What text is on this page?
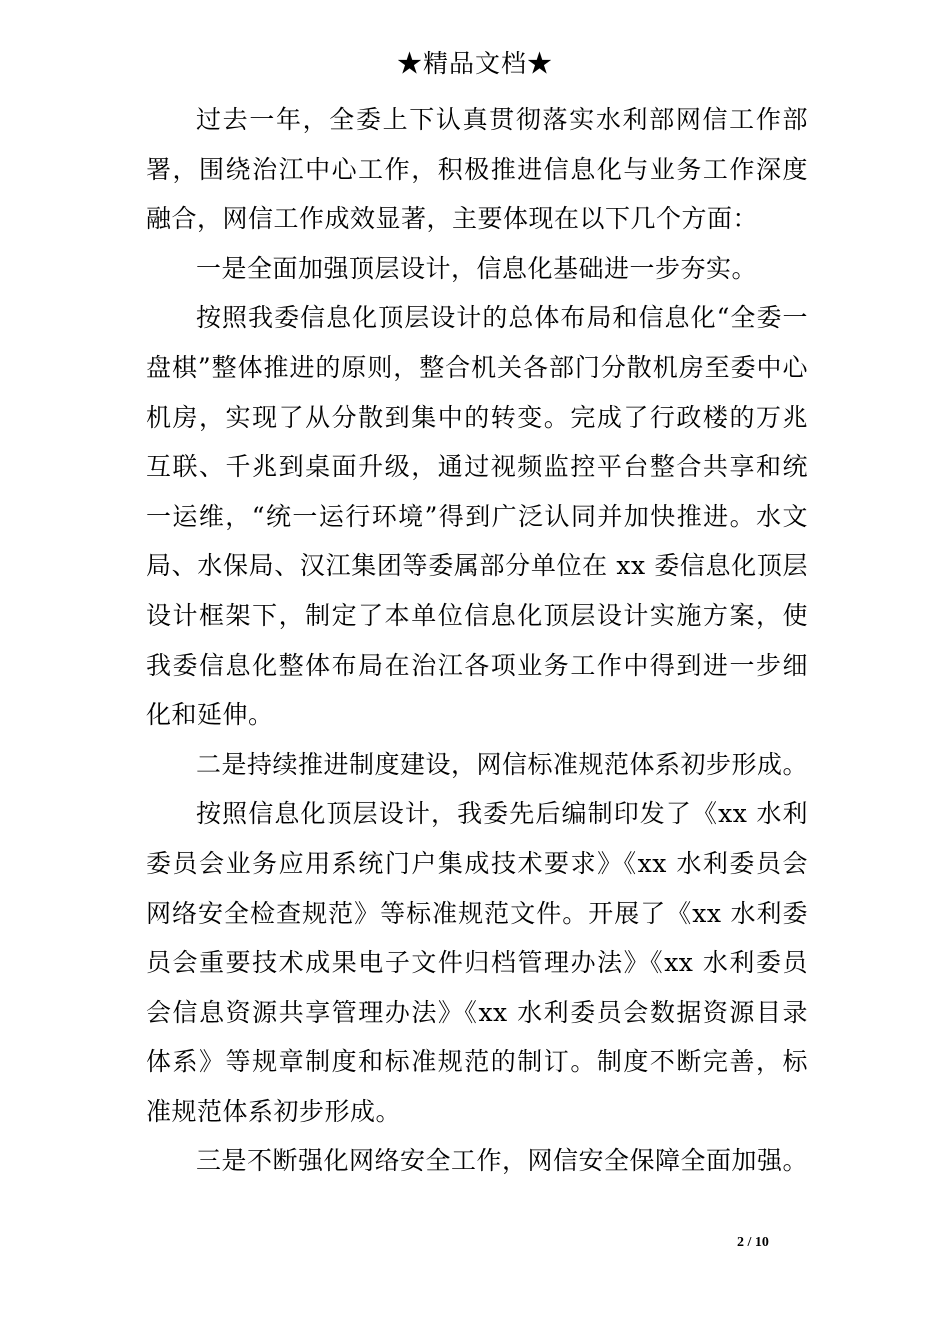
★精品文档★

过去一年，全委上下认真贯彻落实水利部网信工作部署，围绕治江中心工作，积极推进信息化与业务工作深度融合，网信工作成效显著，主要体现在以下几个方面：

一是全面加强顶层设计，信息化基础进一步夯实。

按照我委信息化顶层设计的总体布局和信息化“全委一盘棋”整体推进的原则，整合机关各部门分散机房至委中心机房，实现了从分散到集中的转变。完成了行政楼的万兆互联、千兆到桌面升级，通过视频监控平台整合共享和统一运维，“统一运行环境”得到广泛认同并加快推进。水文局、水保局、汉江集团等委属部分单位在 xx 委信息化顶层设计框架下，制定了本单位信息化顶层设计实施方案，使我委信息化整体布局在治江各项业务工作中得到进一步细化和延伸。

二是持续推进制度建设，网信标准规范体系初步形成。

按照信息化顶层设计，我委先后编制印发了《xx 水利委员会业务应用系统门户集成技术要求》《xx 水利委员会网络安全检查规范》等标准规范文件。开展了《xx 水利委员会重要技术成果电子文件归档管理办法》《xx 水利委员会信息资源共享管理办法》《xx 水利委员会数据资源目录体系》等规章制度和标准规范的制订。制度不断完善，标准规范体系初步形成。

三是不断强化网络安全工作，网信安全保障全面加强。

2 / 10
